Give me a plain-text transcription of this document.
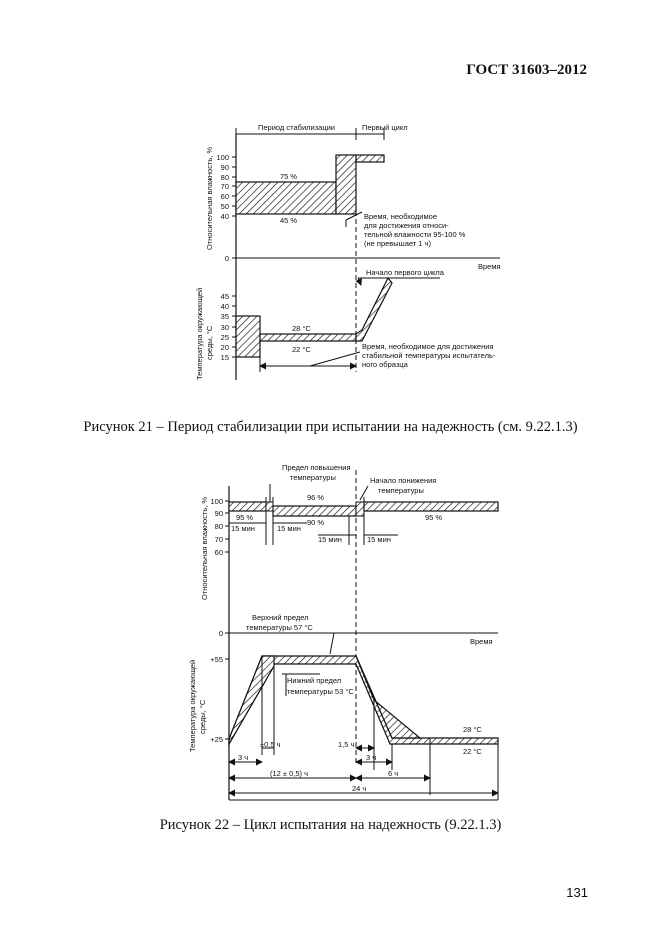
ГОСТ 31603–2012
Период стабилизации	Первый цикл
Относительная влажность, %
Температура окружающей среды, °С
100
90
80
70
60
50
40
0
45
40
35
30
25
20
15
75 %
45 %
Время
Время, необходимое
для достижения относи-
тельной влажности 95-100 %
(не превышает 1 ч)
Начало первого цикла
28 °С
22 °С	Время, необходимое для достижения
стабильной температуры испытатель-
ного образца
Предел повышения
температуры	Начало понижения
температуры
Относительная влажность, %
Температура окружающей среды, °С
100
90
80
70
60
0
+55
+25
95 %
96 %
90 %
95 %
15 мин	15 мин
15 мин	15 мин
Время
Верхний предел
температуры 57 °С
Нижний предел
температуры 53 °С
28 °С
22 °С
±0,5 ч	1,5 ч
3 ч	3 ч
(12 ± 0,5) ч	6 ч
24 ч
Рисунок 21 – Период стабилизации при испытании на надежность (см. 9.22.1.3)
Рисунок 22 – Цикл испытания на надежность (9.22.1.3)
131
